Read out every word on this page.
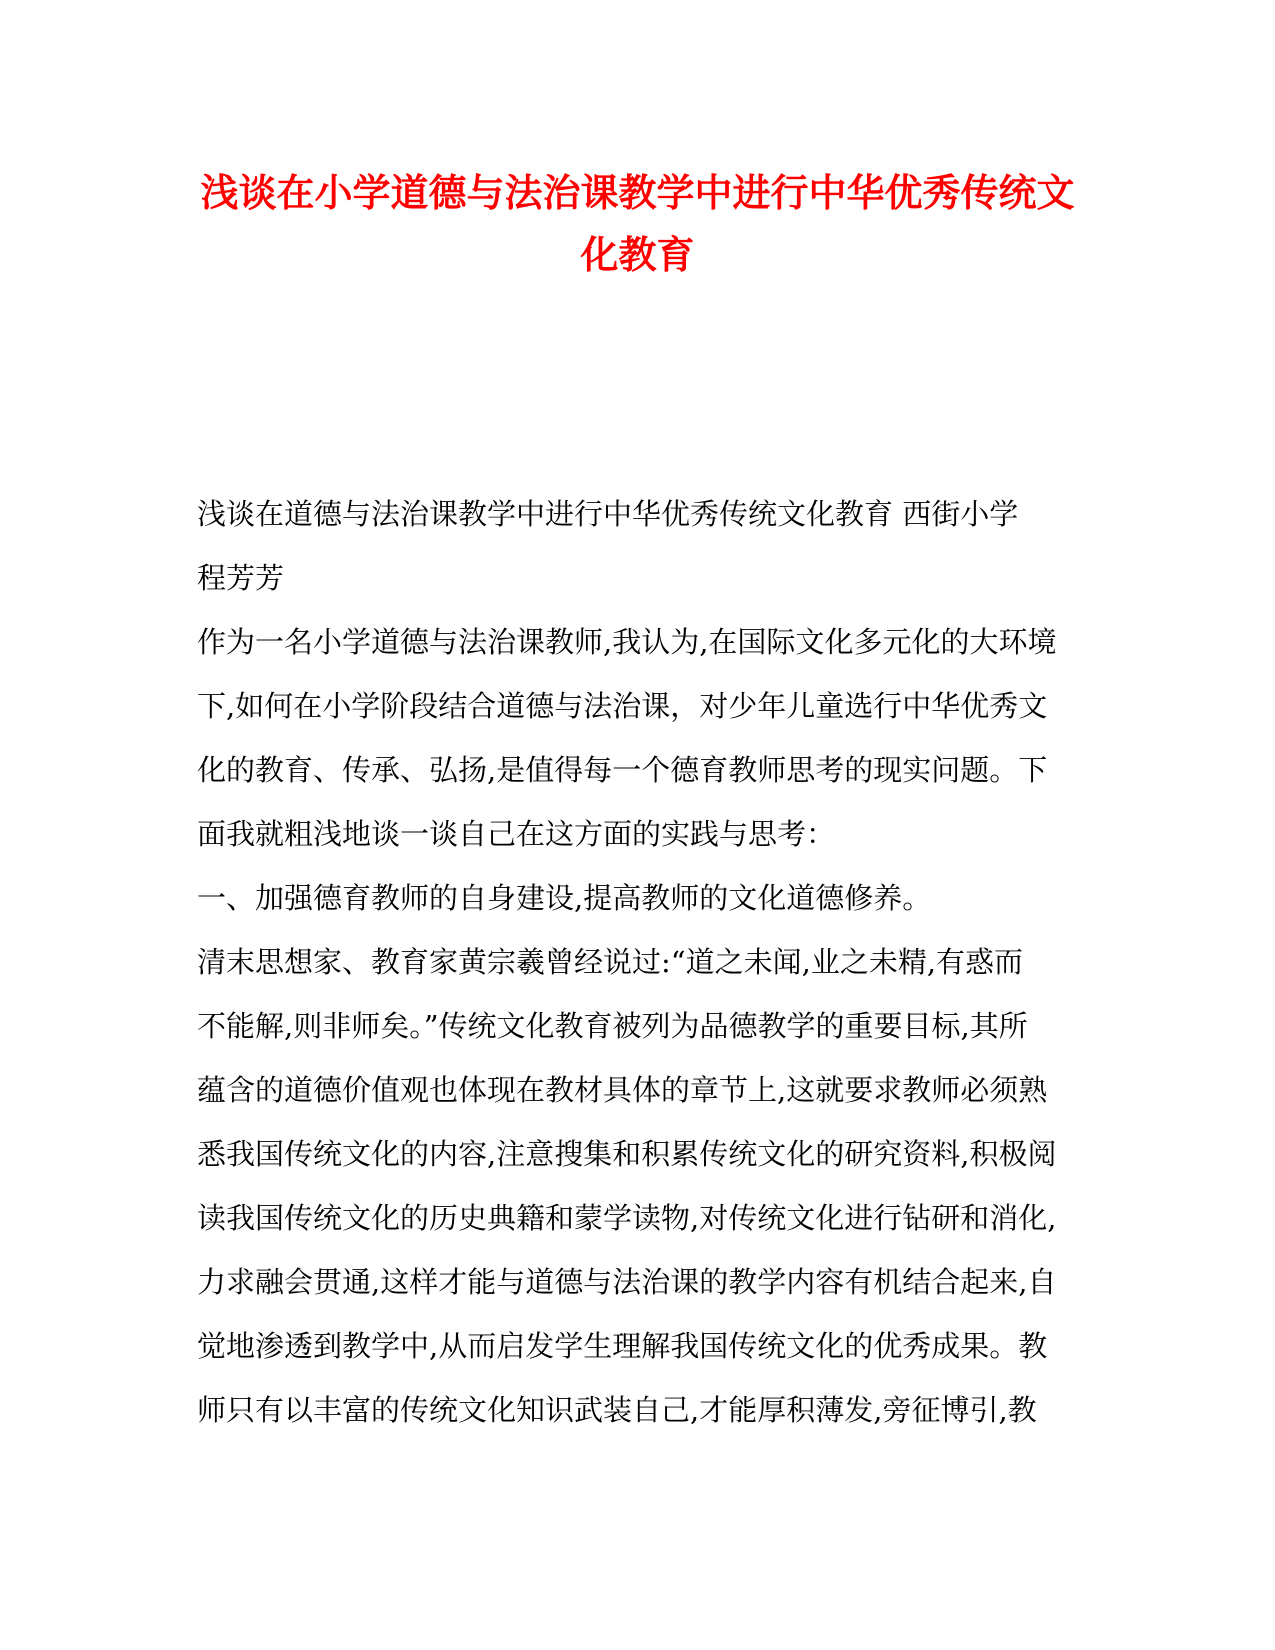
浅谈在小学道德与法治课教学中进行中华优秀传统文
化教育
浅谈在道德与法治课教学中进行中华优秀传统文化教育 西街小学
程芳芳
作为一名小学道德与法治课教师,我认为,在国际文化多元化的大环境
下,如何在小学阶段结合道德与法治课，对少年儿童选行中华优秀文
化的教育、传承、弘扬,是值得每一个德育教师思考的现实问题。下
面我就粗浅地谈一谈自己在这方面的实践与思考：
一、加强德育教师的自身建设,提高教师的文化道德修养。
清末思想家、教育家黄宗羲曾经说过:“道之未闻,业之未精,有惑而
不能解,则非师矣。”传统文化教育被列为品德教学的重要目标,其所
蕴含的道德价值观也体现在教材具体的章节上,这就要求教师必须熟
悉我国传统文化的内容,注意搜集和积累传统文化的研究资料,积极阅
读我国传统文化的历史典籍和蒙学读物,对传统文化进行钻研和消化,
力求融会贯通,这样才能与道德与法治课的教学内容有机结合起来,自
觉地渗透到教学中,从而启发学生理解我国传统文化的优秀成果。教
师只有以丰富的传统文化知识武装自己,才能厚积薄发,旁征博引,教
